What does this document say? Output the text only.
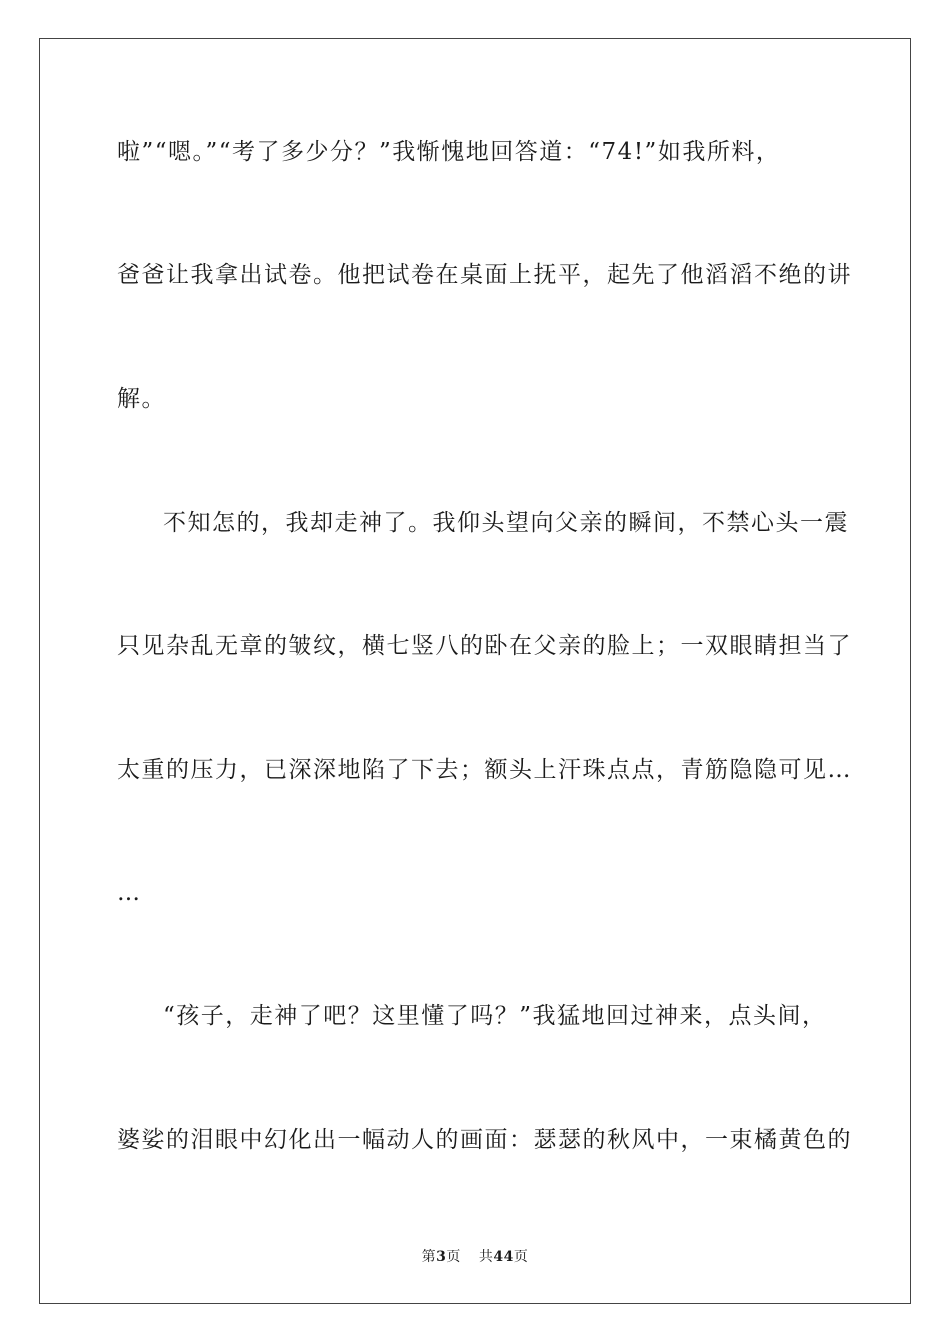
啦”“嗯。”“考了多少分？”我惭愧地回答道：“74!”如我所料，
爸爸让我拿出试卷。他把试卷在桌面上抚平，起先了他滔滔不绝的讲
解。
不知怎的，我却走神了。我仰头望向父亲的瞬间，不禁心头一震
只见杂乱无章的皱纹，横七竖八的卧在父亲的脸上；一双眼睛担当了
太重的压力，已深深地陷了下去；额头上汗珠点点，青筋隐隐可见…
…
“孩子，走神了吧？这里懂了吗？”我猛地回过神来，点头间，
婆娑的泪眼中幻化出一幅动人的画面：瑟瑟的秋风中，一束橘黄色的
第3页 共44页
